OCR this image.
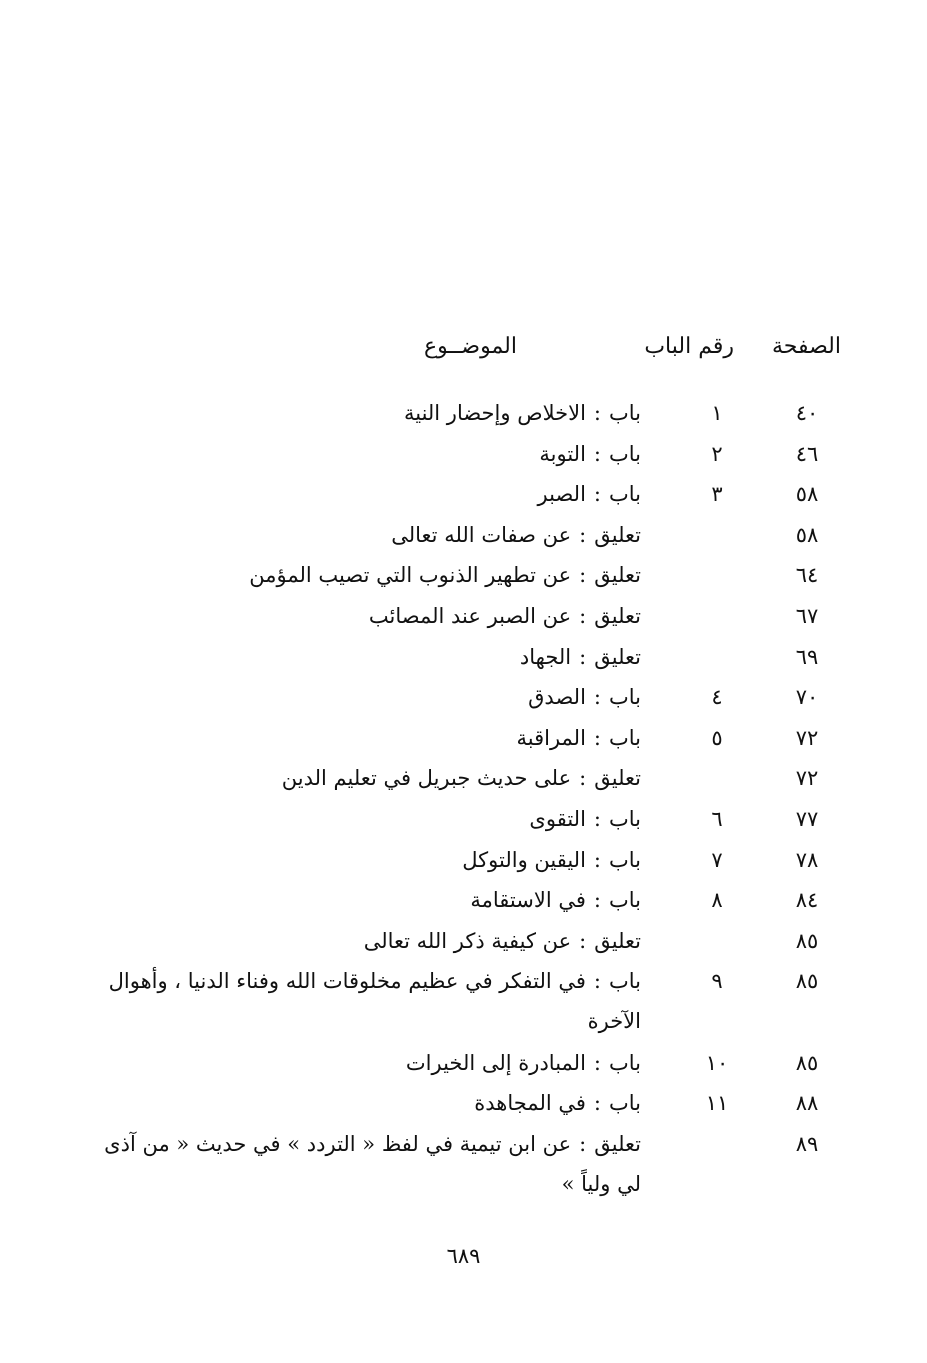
الصفحة
رقم الباب
الموضــوع
٤٠
١
باب:الاخلاص وإحضار النية
٤٦
٢
باب:التوبة
٥٨
٣
باب:الصبر
٥٨
تعليق:عن صفات الله تعالى
٦٤
تعليق:عن تطهير الذنوب التي تصيب المؤمن
٦٧
تعليق:عن الصبر عند المصائب
٦٩
تعليق:الجهاد
٧٠
٤
باب:الصدق
٧٢
٥
باب:المراقبة
٧٢
تعليق:على حديث جبريل في تعليم الدين
٧٧
٦
باب:التقوى
٧٨
٧
باب:اليقين والتوكل
٨٤
٨
باب:في الاستقامة
٨٥
تعليق:عن كيفية ذكر الله تعالى
٨٥
٩
باب:في التفكر في عظيم مخلوقات الله وفناء الدنيا ، وأهوال الآخرة
٨٥
١٠
باب:المبادرة إلى الخيرات
٨٨
١١
باب:في المجاهدة
٨٩
تعليق:عن ابن تيمية في لفظ « التردد » في حديث « من آذى لي ولياً »
٦٨٩
